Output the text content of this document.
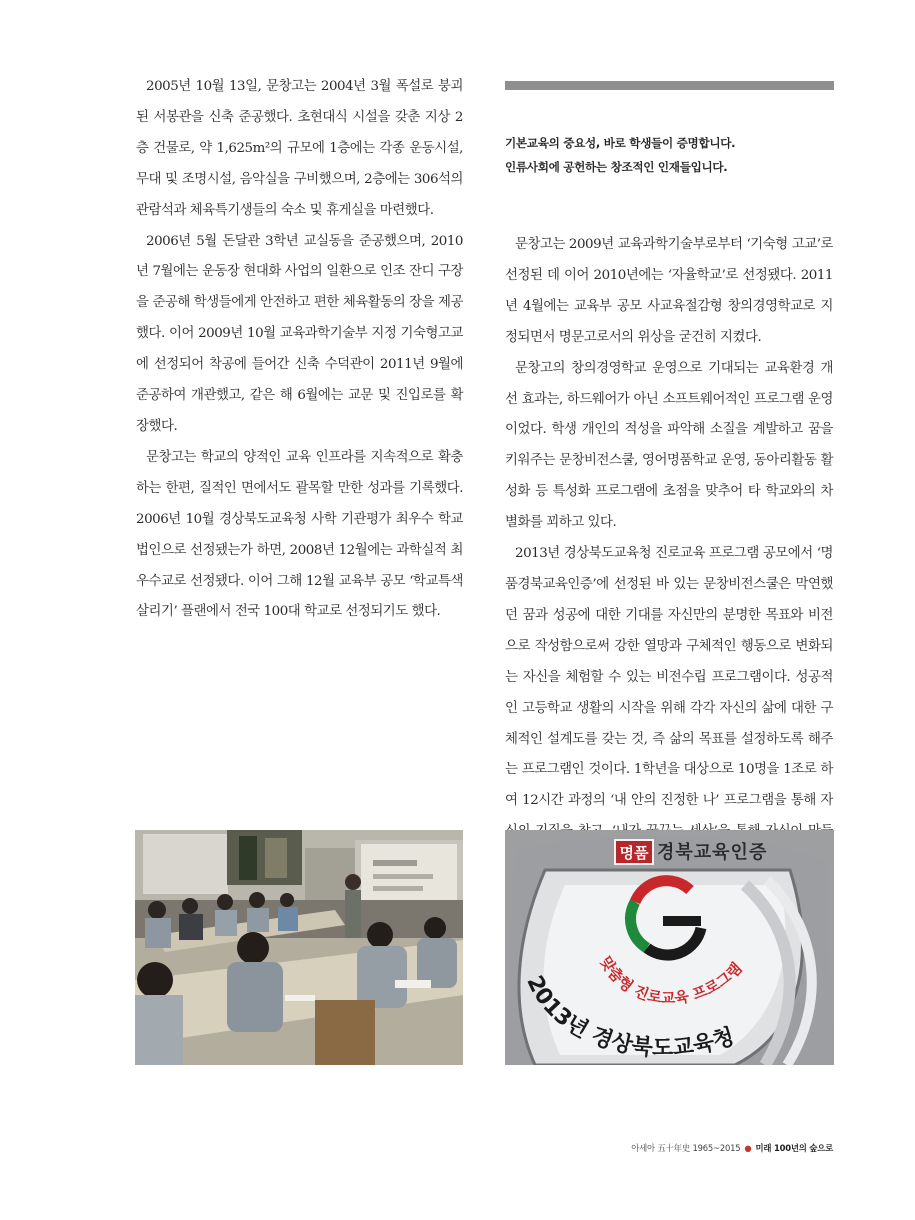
2005년 10월 13일, 문창고는 2004년 3월 폭설로 붕괴된 서봉관을 신축 준공했다. 초현대식 시설을 갖춘 지상 2층 건물로, 약 1,625m²의 규모에 1층에는 각종 운동시설, 무대 및 조명시설, 음악실을 구비했으며, 2층에는 306석의 관람석과 체육특기생들의 숙소 및 휴게실을 마련했다.

2006년 5월 돈달관 3학년 교실동을 준공했으며, 2010년 7월에는 운동장 현대화 사업의 일환으로 인조 잔디 구장을 준공해 학생들에게 안전하고 편한 체육활동의 장을 제공했다. 이어 2009년 10월 교육과학기술부 지정 기숙형고교에 선정되어 착공에 들어간 신축 수덕관이 2011년 9월에 준공하여 개관했고, 같은 해 6월에는 교문 및 진입로를 확장했다.

문창고는 학교의 양적인 교육 인프라를 지속적으로 확충하는 한편, 질적인 면에서도 괄목할 만한 성과를 기록했다. 2006년 10월 경상북도교육청 사학 기관평가 최우수 학교법인으로 선정됐는가 하면, 2008년 12월에는 과학실적 최우수교로 선정됐다. 이어 그해 12월 교육부 공모 ‘학교특색살리기’ 플랜에서 전국 100대 학교로 선정되기도 했다.

기본교육의 중요성, 바로 학생들이 증명합니다.
인류사회에 공헌하는 창조적인 인재들입니다.

문창고는 2009년 교육과학기술부로부터 ‘기숙형 고교’로 선정된 데 이어 2010년에는 ‘자율학교’로 선정됐다. 2011년 4월에는 교육부 공모 사교육절감형 창의경영학교로 지정되면서 명문고로서의 위상을 굳건히 지켰다.

문창고의 창의경영학교 운영으로 기대되는 교육환경 개선 효과는, 하드웨어가 아닌 소프트웨어적인 프로그램 운영이었다. 학생 개인의 적성을 파악해 소질을 계발하고 꿈을 키워주는 문창비전스쿨, 영어명품학교 운영, 동아리활동 활성화 등 특성화 프로그램에 초점을 맞추어 타 학교와의 차별화를 꾀하고 있다.

2013년 경상북도교육청 진로교육 프로그램 공모에서 ‘명품경북교육인증’에 선정된 바 있는 문창비전스쿨은 막연했던 꿈과 성공에 대한 기대를 자신만의 분명한 목표와 비전으로 작성함으로써 강한 열망과 구체적인 행동으로 변화되는 자신을 체험할 수 있는 비전수립 프로그램이다. 성공적인 고등학교 생활의 시작을 위해 각각 자신의 삶에 대한 구체적인 설계도를 갖는 것, 즉 삶의 목표를 설정하도록 해주는 프로그램인 것이다. 1학년을 대상으로 10명을 1조로 하여 12시간 과정의 ‘내 안의 진정한 나’ 프로그램을 통해 자

명품 경북교육인증
맞춤형 진로교육 프로그램
2013년 경상북도교육청
아세아 五十年史 1965~2015 ● 미래 100년의 숲으로
